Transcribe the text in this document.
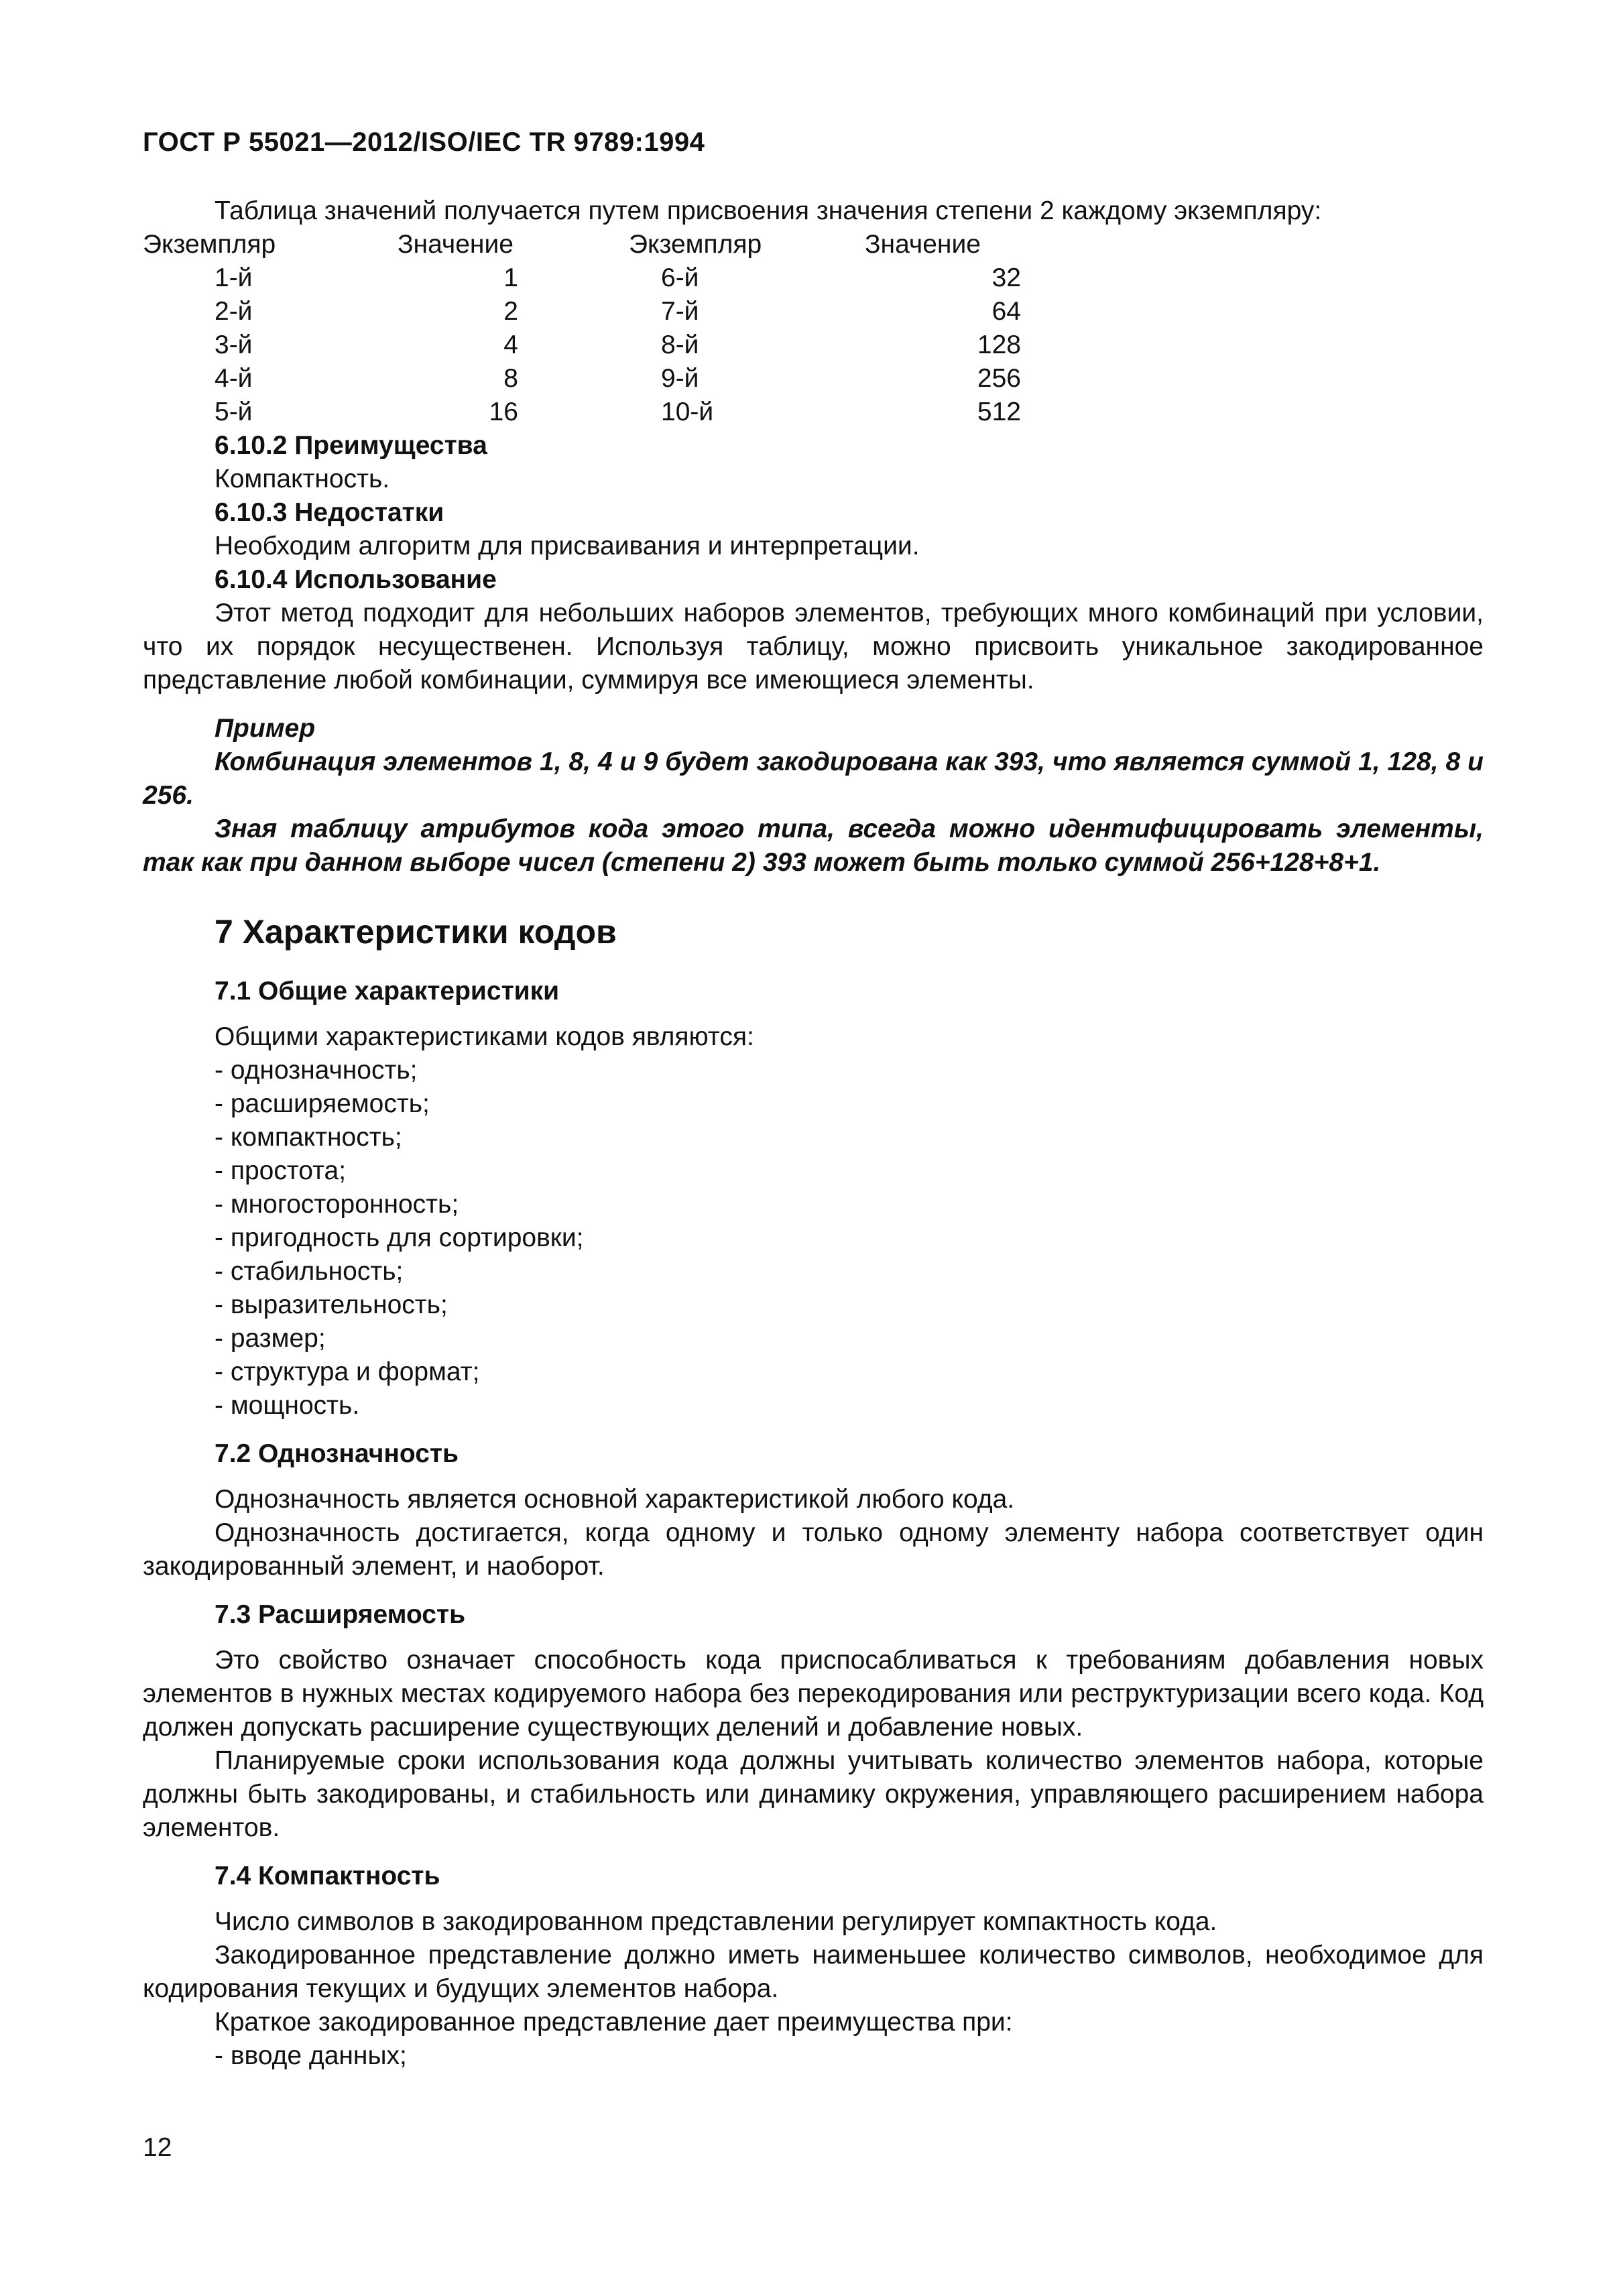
ГОСТ Р 55021—2012/ISO/IEC TR 9789:1994
Таблица значений получается путем присвоения значения степени 2 каждому экземпляру:
Экземпляр	Значение	Экземпляр	Значение
1-й	1	6-й	32
2-й	2	7-й	64
3-й	4	8-й	128
4-й	8	9-й	256
5-й	16	10-й	512
6.10.2 Преимущества
Компактность.
6.10.3 Недостатки
Необходим алгоритм для присваивания и интерпретации.
6.10.4 Использование
Этот метод подходит для небольших наборов элементов, требующих много комбинаций при условии, что их порядок несущественен. Используя таблицу, можно присвоить уникальное закодированное представление любой комбинации, суммируя все имеющиеся элементы.
Пример
Комбинация элементов 1, 8, 4 и 9 будет закодирована как 393, что является суммой 1, 128, 8 и 256.
Зная таблицу атрибутов кода этого типа, всегда можно идентифицировать элементы, так как при данном выборе чисел (степени 2) 393 может быть только суммой 256+128+8+1.
7 Характеристики кодов
7.1 Общие характеристики
Общими характеристиками кодов являются:
- однозначность;
- расширяемость;
- компактность;
- простота;
- многосторонность;
- пригодность для сортировки;
- стабильность;
- выразительность;
- размер;
- структура и формат;
- мощность.
7.2 Однозначность
Однозначность является основной характеристикой любого кода.
Однозначность достигается, когда одному и только одному элементу набора соответствует один закодированный элемент, и наоборот.
7.3 Расширяемость
Это свойство означает способность кода приспосабливаться к требованиям добавления новых элементов в нужных местах кодируемого набора без перекодирования или реструктуризации всего кода. Код должен допускать расширение существующих делений и добавление новых.
Планируемые сроки использования кода должны учитывать количество элементов набора, которые должны быть закодированы, и стабильность или динамику окружения, управляющего расширением набора элементов.
7.4 Компактность
Число символов в закодированном представлении регулирует компактность кода.
Закодированное представление должно иметь наименьшее количество символов, необходимое для кодирования текущих и будущих элементов набора.
Краткое закодированное представление дает преимущества при:
- вводе данных;
12
